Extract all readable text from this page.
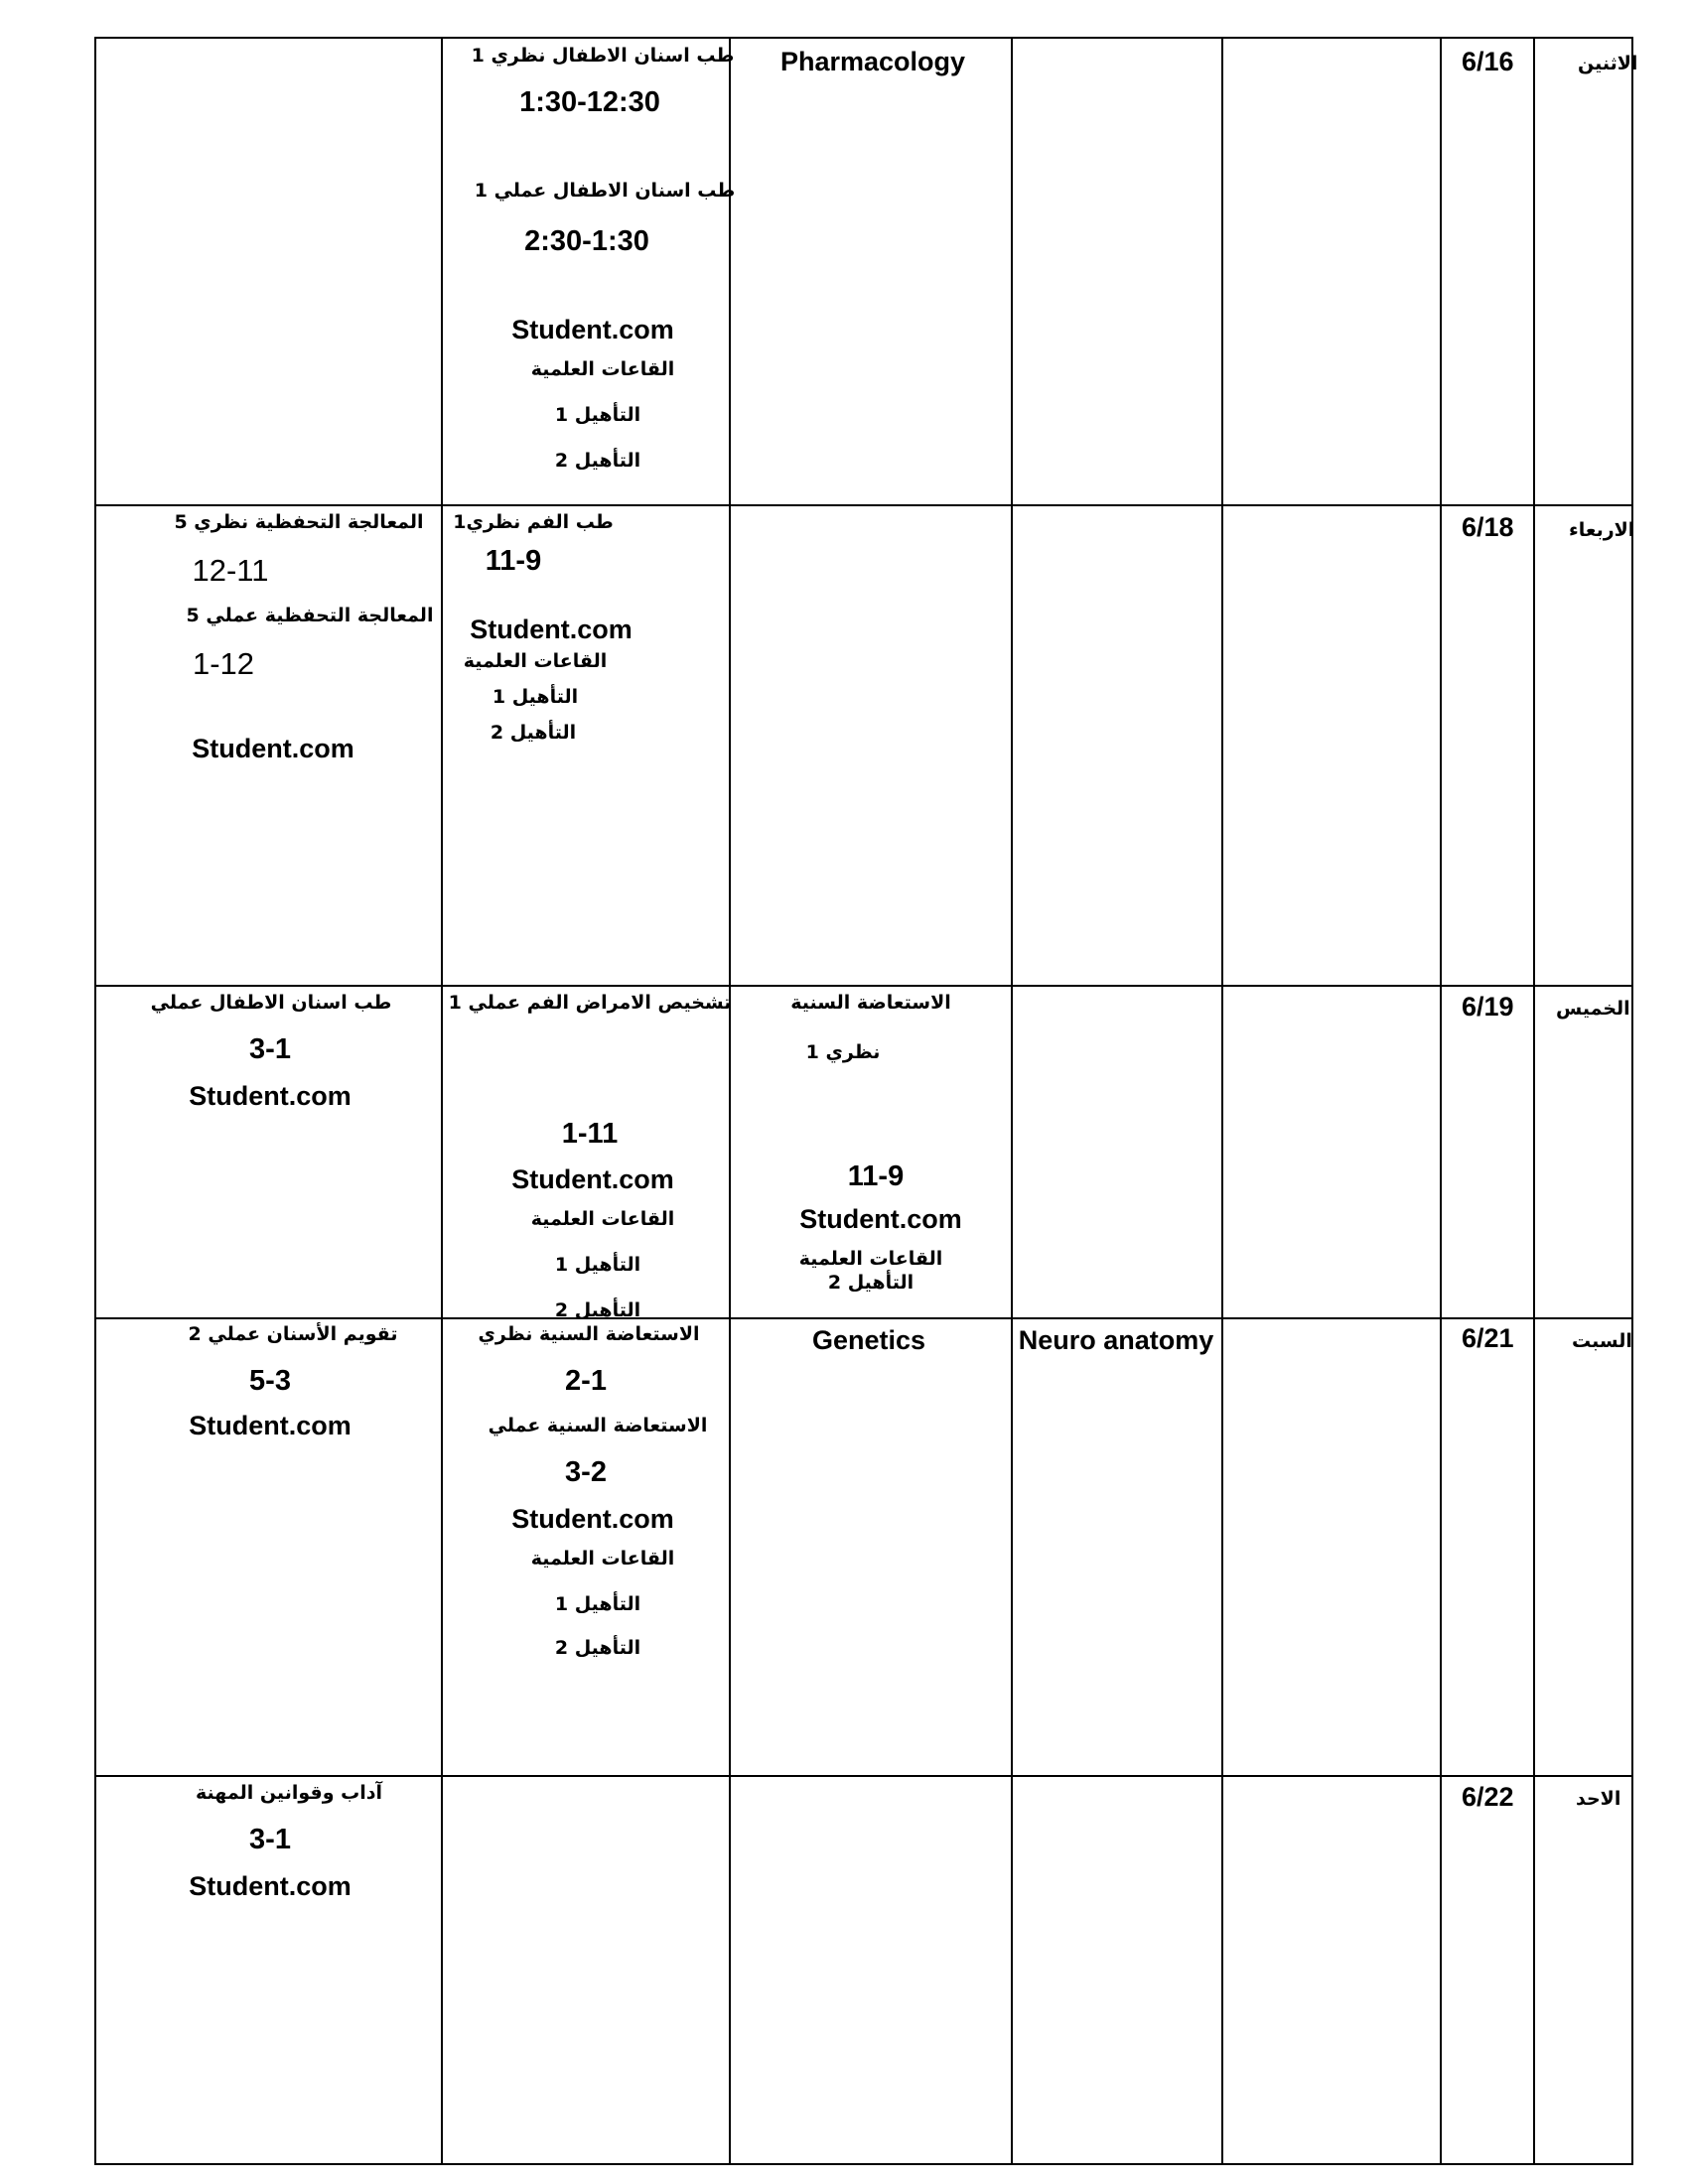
الاثنين
6/16
Pharmacology
طب اسنان الاطفال نظري 1
1:30-12:30
طب اسنان الاطفال عملي 1
2:30-1:30
Student.com
القاعات العلمية
التأهيل 1
التأهيل 2
الاربعاء
6/18
المعالجة التحفظية نظري 5
12-11
المعالجة التحفظية عملي 5
1-12
Student.com
طب الفم نظري1
11-9
Student.com
القاعات العلمية
التأهيل 1
التأهيل 2
الخميس
6/19
طب اسنان الاطفال عملي
3-1
Student.com
تشخيص الامراض الفم عملي 1
1-11
Student.com
القاعات العلمية
التأهيل 1
التأهيل 2
الاستعاضة السنية
نظري 1
11-9
Student.com
القاعات العلمية
التأهيل 2
السبت
6/21
تقويم الأسنان عملي 2
5-3
Student.com
الاستعاضة السنية نظري
2-1
الاستعاضة السنية عملي
3-2
Student.com
القاعات العلمية
التأهيل 1
التأهيل 2
Genetics	Neuro anatomy
الاحد
6/22
آداب وقوانين المهنة
3-1
Student.com
